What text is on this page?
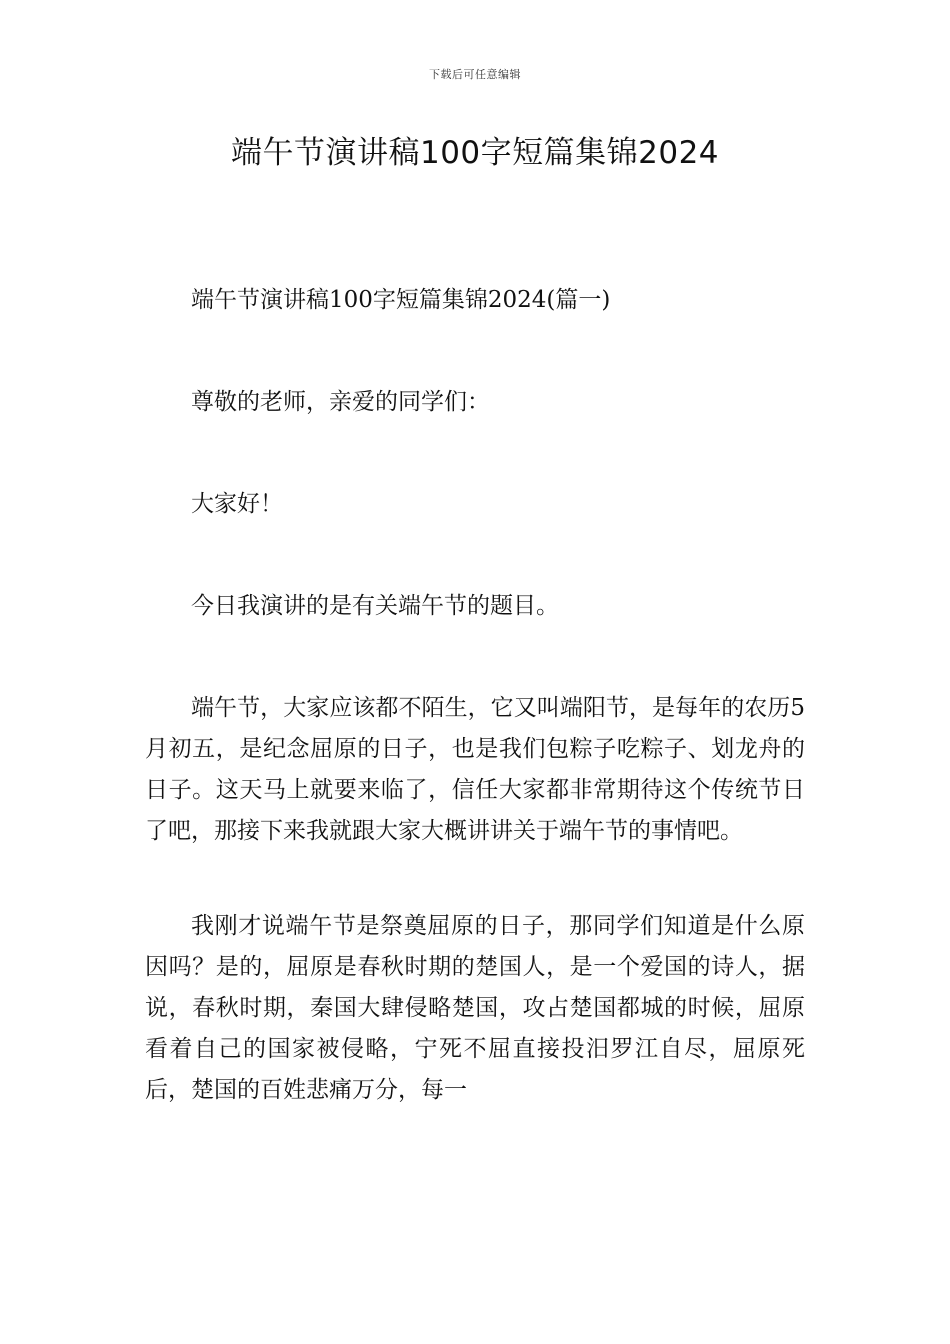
下载后可任意编辑
端午节演讲稿100字短篇集锦2024

端午节演讲稿100字短篇集锦2024(篇一)

尊敬的老师，亲爱的同学们：

大家好！

今日我演讲的是有关端午节的题目。

端午节，大家应该都不陌生，它又叫端阳节，是每年的农历5月初五，是纪念屈原的日子，也是我们包粽子吃粽子、划龙舟的日子。这天马上就要来临了，信任大家都非常期待这个传统节日了吧，那接下来我就跟大家大概讲讲关于端午节的事情吧。

我刚才说端午节是祭奠屈原的日子，那同学们知道是什么原因吗？是的，屈原是春秋时期的楚国人，是一个爱国的诗人，据说，春秋时期，秦国大肆侵略楚国，攻占楚国都城的时候，屈原看着自己的国家被侵略，宁死不屈直接投汨罗江自尽，屈原死后，楚国的百姓悲痛万分，每一
